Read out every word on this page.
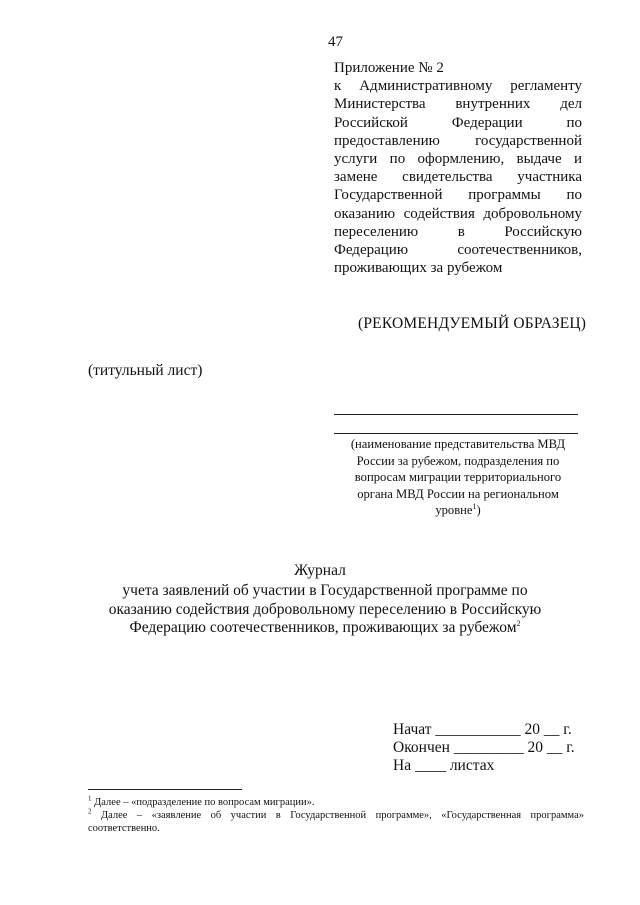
47
Приложение № 2
к Административному регламенту Министерства внутренних дел Российской Федерации по предоставлению государственной услуги по оформлению, выдаче и замене свидетельства участника Государственной программы по оказанию содействия добровольному переселению в Российскую Федерацию соотечественников, проживающих за рубежом
(РЕКОМЕНДУЕМЫЙ ОБРАЗЕЦ)
(титульный лист)
(наименование представительства МВД России за рубежом, подразделения по вопросам миграции территориального органа МВД России на региональном уровне$^1$)
Журнал
учета заявлений об участии в Государственной программе по оказанию содействия добровольному переселению в Российскую Федерацию соотечественников, проживающих за рубежом$^2$
Начат ___________ 20 __ г.
Окончен _________ 20 __ г.
На ____ листах
$^1$ Далее – «подразделение по вопросам миграции».
$^2$ Далее – «заявление об участии в Государственной программе», «Государственная программа» соответственно.
